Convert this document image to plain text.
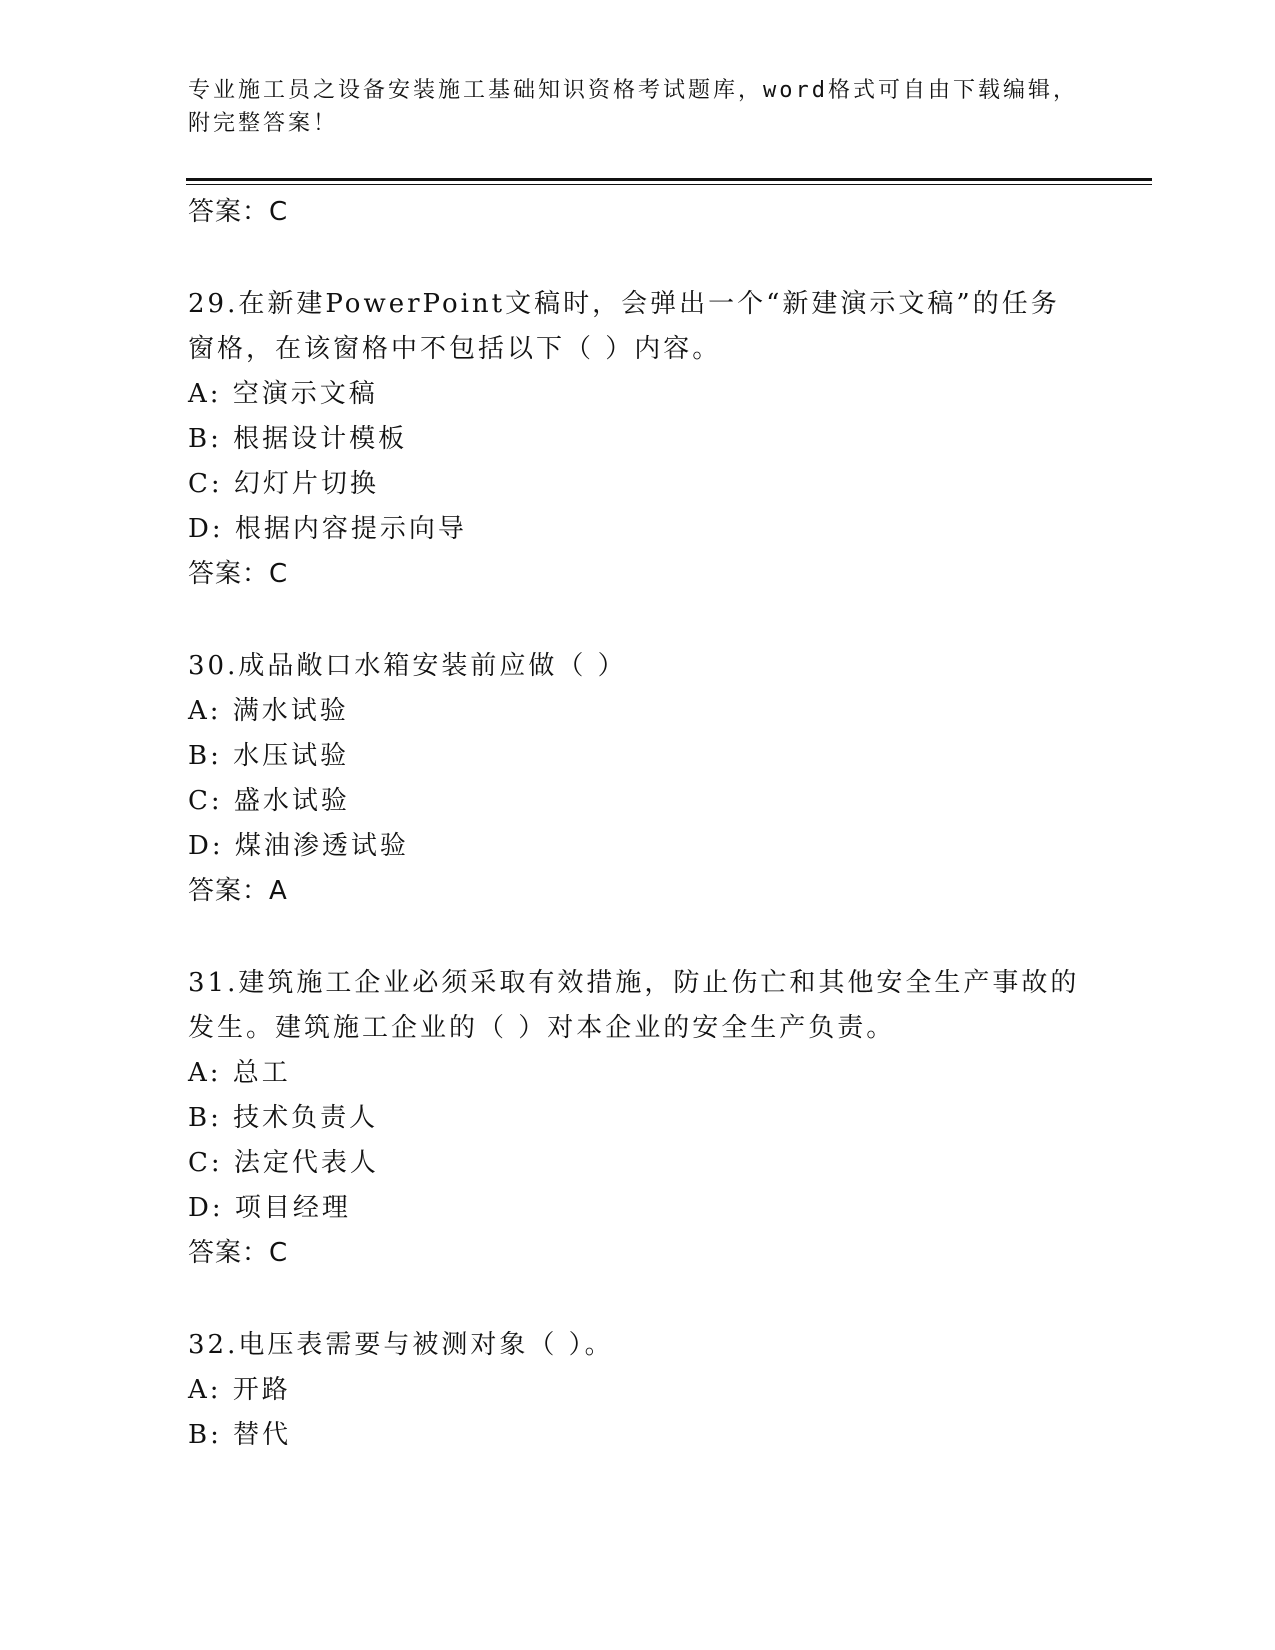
专业施工员之设备安装施工基础知识资格考试题库，word格式可自由下载编辑，
附完整答案！
答案：C
29.在新建PowerPoint文稿时，会弹出一个“新建演示文稿”的任务
窗格，在该窗格中不包括以下（ ）内容。
A: 空演示文稿
B: 根据设计模板
C: 幻灯片切换
D: 根据内容提示向导
答案：C
30.成品敞口水箱安装前应做（ ）
A: 满水试验
B: 水压试验
C: 盛水试验
D: 煤油渗透试验
答案：A
31.建筑施工企业必须采取有效措施，防止伤亡和其他安全生产事故的
发生。建筑施工企业的（ ）对本企业的安全生产负责。
A: 总工
B: 技术负责人
C: 法定代表人
D: 项目经理
答案：C
32.电压表需要与被测对象（ ）。
A: 开路
B: 替代
